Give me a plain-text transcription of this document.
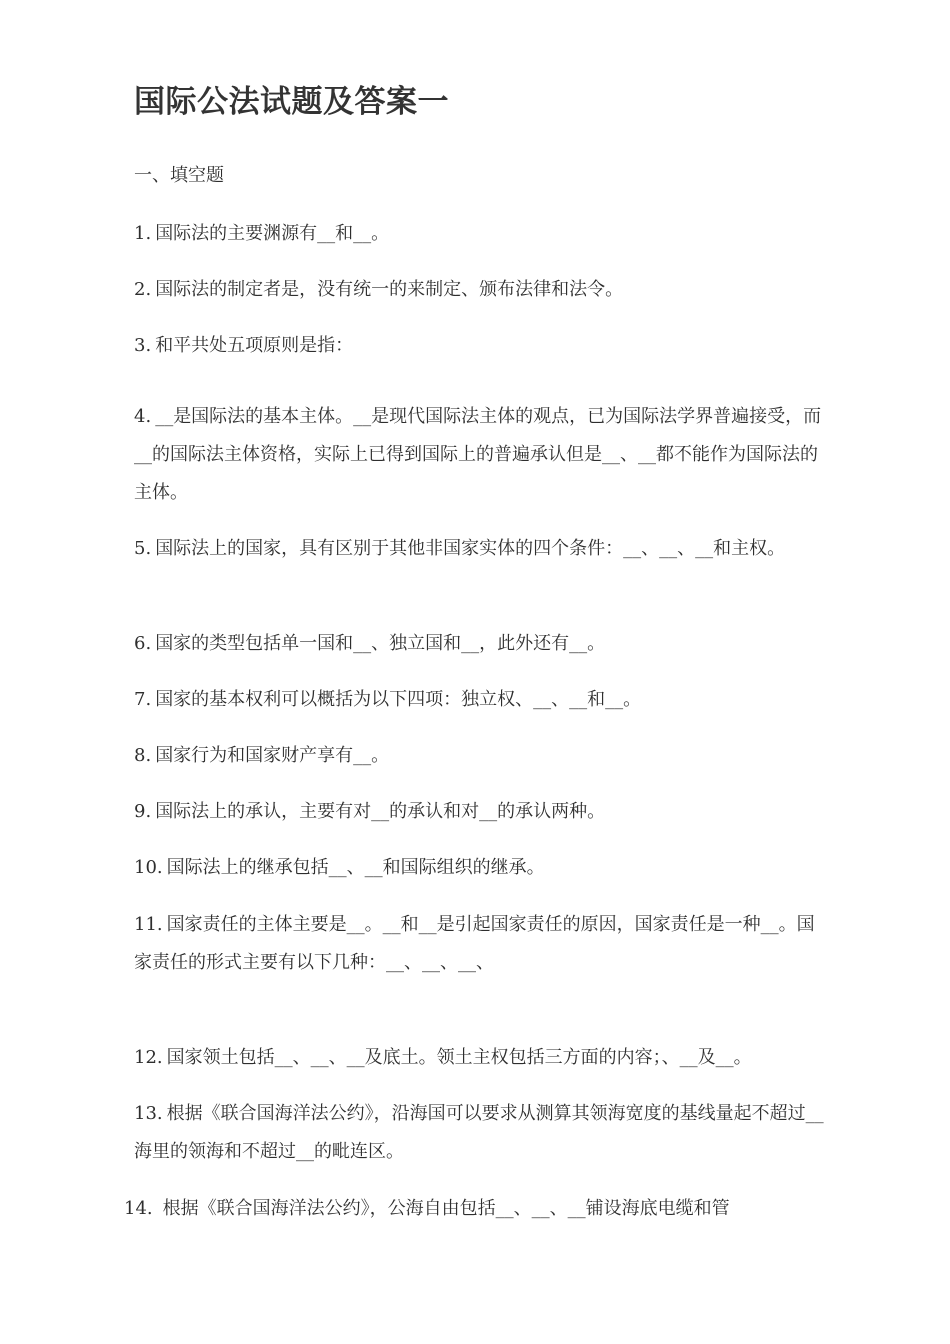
国际公法试题及答案一

一、填空题

1. 国际法的主要渊源有__和__。

2. 国际法的制定者是，没有统一的来制定、颁布法律和法令。

3. 和平共处五项原则是指：

4. __是国际法的基本主体。__是现代国际法主体的观点，已为国际法学界普遍接受，而__的国际法主体资格，实际上已得到国际上的普遍承认但是__、__都不能作为国际法的主体。

5. 国际法上的国家，具有区别于其他非国家实体的四个条件：__、__、__和主权。

6. 国家的类型包括单一国和__、独立国和__，此外还有__。

7. 国家的基本权利可以概括为以下四项：独立权、__、__和__。

8. 国家行为和国家财产享有__。

9. 国际法上的承认，主要有对__的承认和对__的承认两种。

10. 国际法上的继承包括__、__和国际组织的继承。

11. 国家责任的主体主要是__。__和__是引起国家责任的原因，国家责任是一种__。国家责任的形式主要有以下几种：__、__、__、

12. 国家领土包括__、__、__及底土。领土主权包括三方面的内容；、__及__。

13. 根据《联合国海洋法公约》，沿海国可以要求从测算其领海宽度的基线量起不超过__海里的领海和不超过__的毗连区。

14. 根据《联合国海洋法公约》，公海自由包括__、__、__铺设海底电缆和管
